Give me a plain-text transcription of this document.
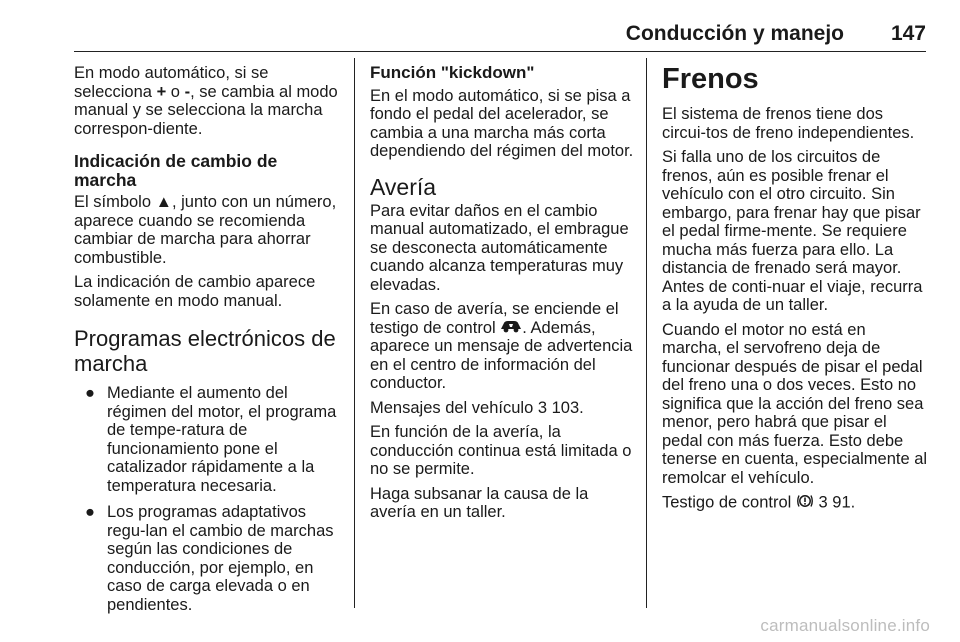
Conducción y manejo 147

En modo automático, si se selecciona + o -, se cambia al modo manual y se selecciona la marcha correspon-diente.

Indicación de cambio de marcha

El símbolo ▲, junto con un número, aparece cuando se recomienda cambiar de marcha para ahorrar combustible.

La indicación de cambio aparece solamente en modo manual.

Programas electrónicos de marcha
● Mediante el aumento del régimen del motor, el programa de tempe-ratura de funcionamiento pone el catalizador rápidamente a la temperatura necesaria.
● Los programas adaptativos regu-lan el cambio de marchas según las condiciones de conducción, por ejemplo, en caso de carga elevada o en pendientes.

Función "kickdown"

En el modo automático, si se pisa a fondo el pedal del acelerador, se cambia a una marcha más corta dependiendo del régimen del motor.

Avería

Para evitar daños en el cambio manual automatizado, el embrague se desconecta automáticamente cuando alcanza temperaturas muy elevadas.

En caso de avería, se enciende el testigo de control . Además, aparece un mensaje de advertencia en el centro de información del conductor.

Mensajes del vehículo 3 103.

En función de la avería, la conducción continua está limitada o no se permite.

Haga subsanar la causa de la avería en un taller.

Frenos

El sistema de frenos tiene dos circui-tos de freno independientes.

Si falla uno de los circuitos de frenos, aún es posible frenar el vehículo con el otro circuito. Sin embargo, para frenar hay que pisar el pedal firme-mente. Se requiere mucha más fuerza para ello. La distancia de frenado será mayor. Antes de conti-nuar el viaje, recurra a la ayuda de un taller.

Cuando el motor no está en marcha, el servofreno deja de funcionar después de pisar el pedal del freno una o dos veces. Esto no significa que la acción del freno sea menor, pero habrá que pisar el pedal con más fuerza. Esto debe tenerse en cuenta, especialmente al remolcar el vehículo.

Testigo de control  3 91.

carmanualsonline.info
